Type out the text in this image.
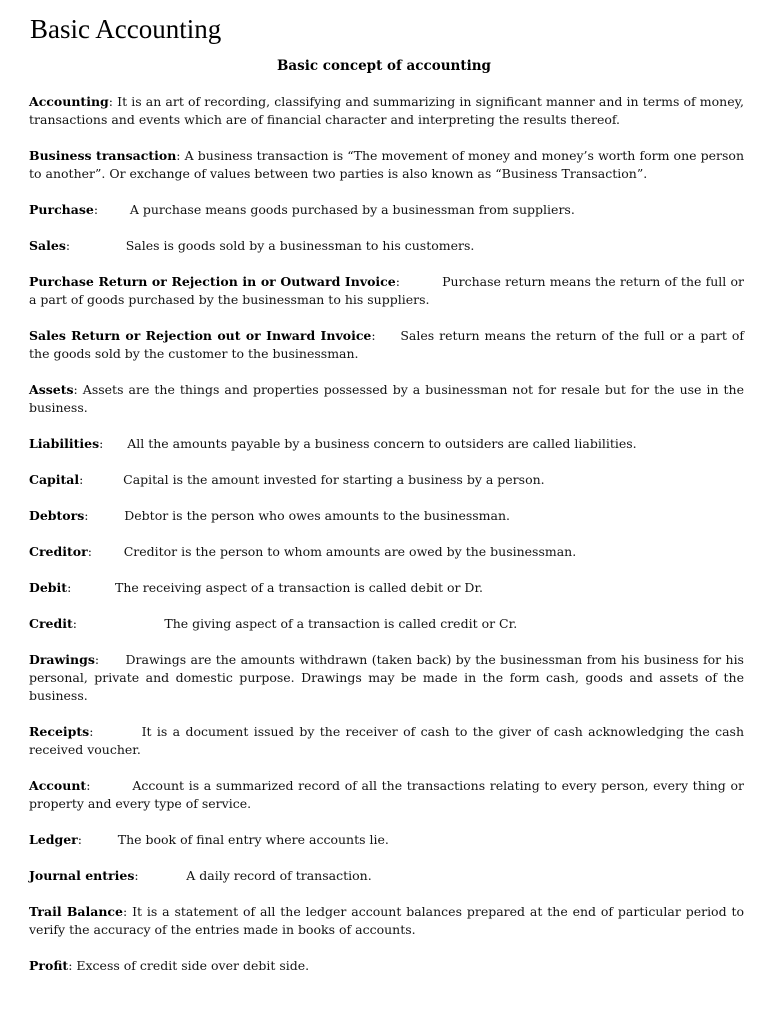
Basic Accounting
Basic concept of accounting

Accounting: It is an art of recording, classifying and summarizing in significant manner and in terms of money, transactions and events which are of financial character and interpreting the results thereof.

Business transaction: A business transaction is “The movement of money and money’s worth form one person to another”. Or exchange of values between two parties is also known as “Business Transaction”.

Purchase:        A purchase means goods purchased by a businessman from suppliers.

Sales:              Sales is goods sold by a businessman to his customers.

Purchase Return or Rejection in or Outward Invoice:          Purchase return means the return of the full or a part of goods purchased by the businessman to his suppliers.

Sales Return or Rejection out or Inward Invoice:     Sales return means the return of the full or a part of the goods sold by the customer to the businessman.

Assets: Assets are the things and properties possessed by a businessman not for resale but for the use in the business.

Liabilities:      All the amounts payable by a business concern to outsiders are called liabilities.

Capital:          Capital is the amount invested for starting a business by a person.

Debtors:         Debtor is the person who owes amounts to the businessman.

Creditor:        Creditor is the person to whom amounts are owed by the businessman.

Debit:           The receiving aspect of a transaction is called debit or Dr.

Credit:                      The giving aspect of a transaction is called credit or Cr.

Drawings:      Drawings are the amounts withdrawn (taken back) by the businessman from his business for his personal, private and domestic purpose. Drawings may be made in the form cash, goods and assets of the business.

Receipts:         It is a document issued by the receiver of cash to the giver of cash acknowledging the cash received voucher.

Account:         Account is a summarized record of all the transactions relating to every person, every thing or property and every type of service.

Ledger:         The book of final entry where accounts lie.

Journal entries:            A daily record of transaction.

Trail Balance: It is a statement of all the ledger account balances prepared at the end of particular period to verify the accuracy of the entries made in books of accounts.

Profit: Excess of credit side over debit side.
